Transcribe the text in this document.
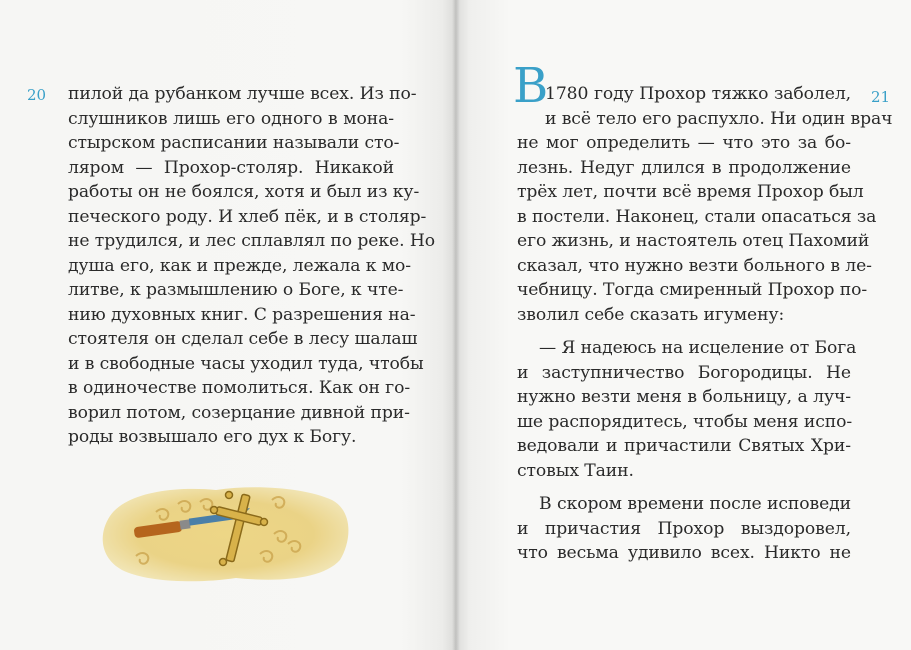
20 пилой да рубанком лучше всех. Из по-
слушников лишь его одного в мона-
стырском расписании называли сто-
ляром — Прохор-столяр. Никакой
работы он не боялся, хотя и был из ку-
печеского роду. И хлеб пёк, и в столяр-
не трудился, и лес сплавлял по реке. Но
душа его, как и прежде, лежала к мо-
литве, к размышлению о Боге, к чте-
нию духовных книг. С разрешения на-
стоятеля он сделал себе в лесу шалаш
и в свободные часы уходил туда, чтобы
в одиночестве помолиться. Как он го-
ворил потом, созерцание дивной при-
роды возвышало его дух к Богу.
21
В
1780 году Прохор тяжко заболел,
и всё тело его распухло. Ни один врач
не мог определить — что это за бо-
лезнь. Недуг длился в продолжение
трёх лет, почти всё время Прохор был
в постели. Наконец, стали опасаться за
его жизнь, и настоятель отец Пахомий
сказал, что нужно везти больного в ле-
чебницу. Тогда смиренный Прохор по-
зволил себе сказать игумену:
— Я надеюсь на исцеление от Бога
и заступничество Богородицы. Не
нужно везти меня в больницу, а луч-
ше распорядитесь, чтобы меня испо-
ведовали и причастили Святых Хри-
стовых Таин.
В скором времени после исповеди
и причастия Прохор выздоровел,
что весьма удивило всех. Никто не
